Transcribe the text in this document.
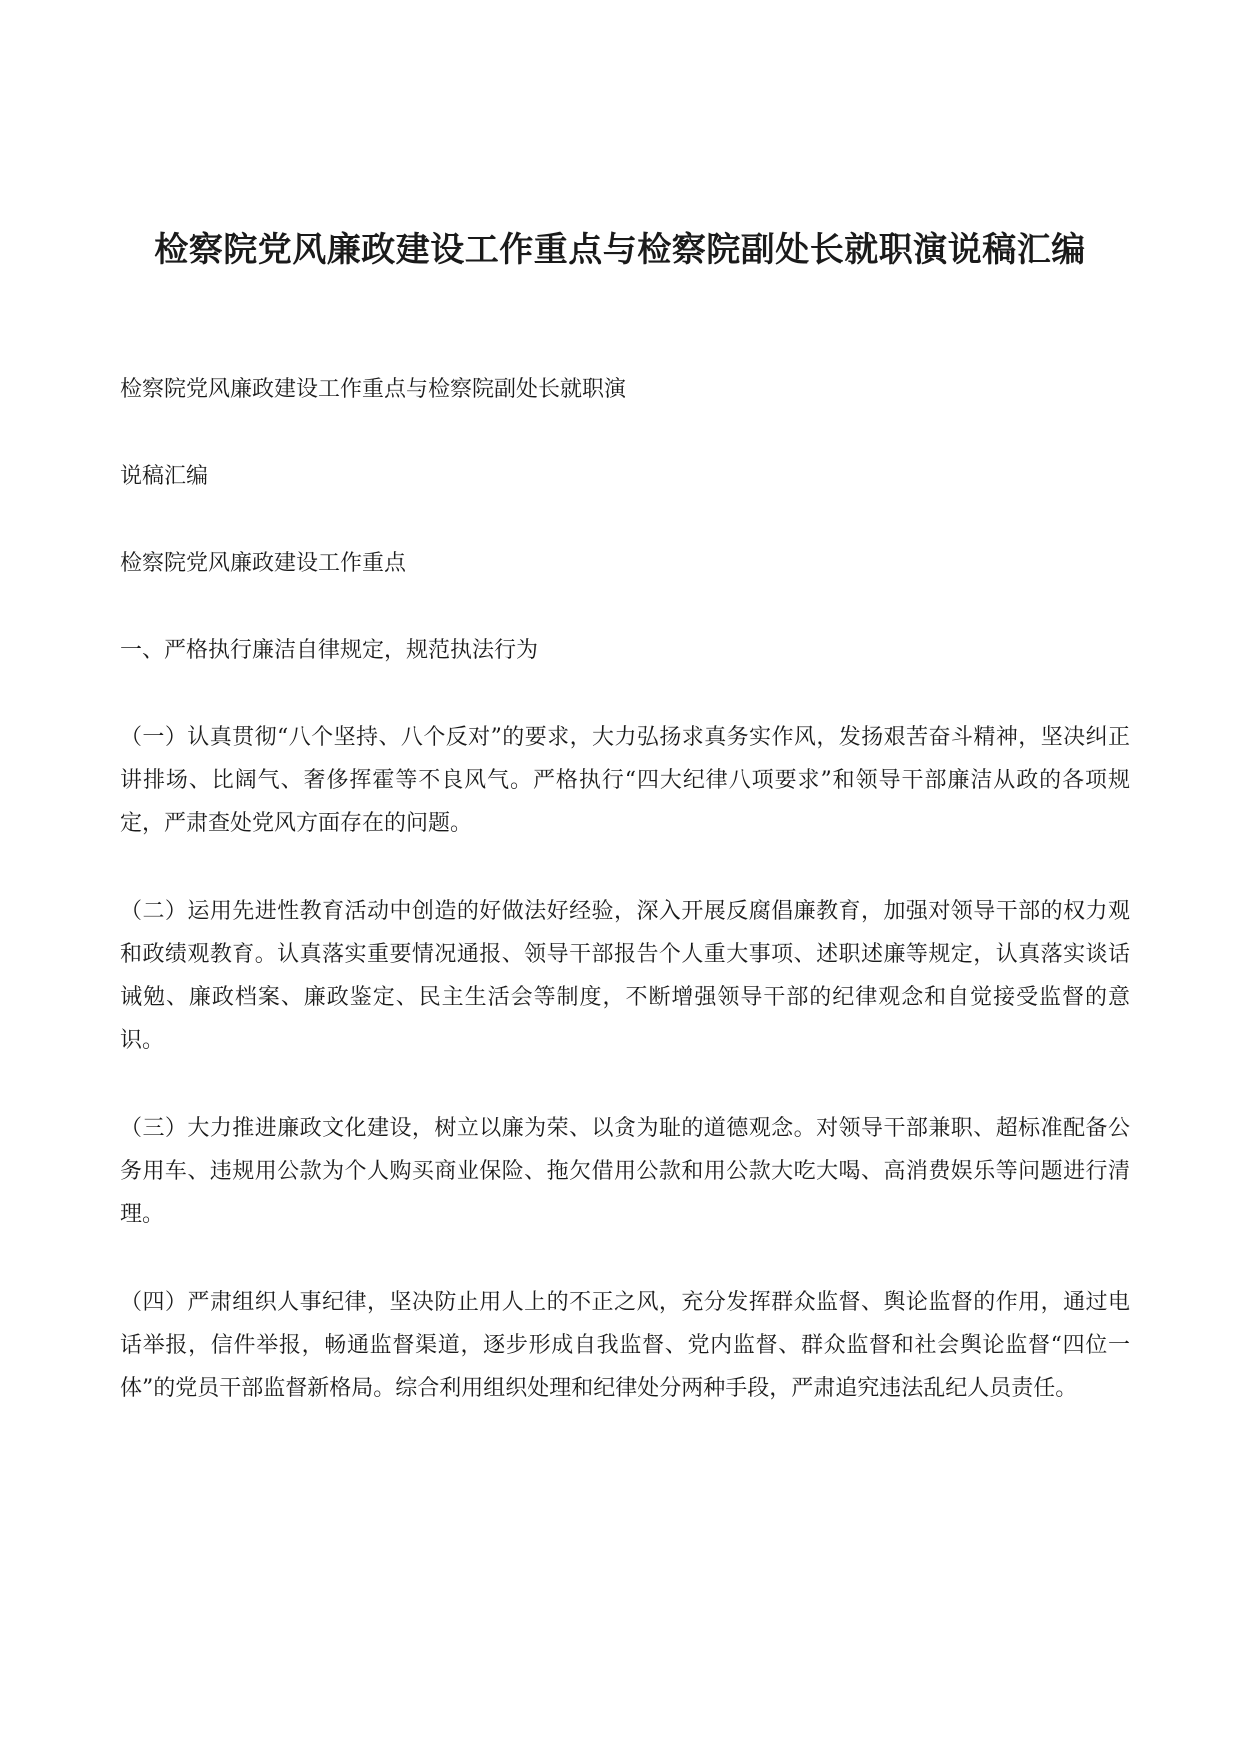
检察院党风廉政建设工作重点与检察院副处长就职演说稿汇编

检察院党风廉政建设工作重点与检察院副处长就职演

说稿汇编

检察院党风廉政建设工作重点

一、严格执行廉洁自律规定，规范执法行为

（一）认真贯彻“八个坚持、八个反对”的要求，大力弘扬求真务实作风，发扬艰苦奋斗精神，坚决纠正讲排场、比阔气、奢侈挥霍等不良风气。严格执行“四大纪律八项要求”和领导干部廉洁从政的各项规定，严肃查处党风方面存在的问题。

（二）运用先进性教育活动中创造的好做法好经验，深入开展反腐倡廉教育，加强对领导干部的权力观和政绩观教育。认真落实重要情况通报、领导干部报告个人重大事项、述职述廉等规定，认真落实谈话诫勉、廉政档案、廉政鉴定、民主生活会等制度，不断增强领导干部的纪律观念和自觉接受监督的意识。

（三）大力推进廉政文化建设，树立以廉为荣、以贪为耻的道德观念。对领导干部兼职、超标准配备公务用车、违规用公款为个人购买商业保险、拖欠借用公款和用公款大吃大喝、高消费娱乐等问题进行清理。

（四）严肃组织人事纪律，坚决防止用人上的不正之风，充分发挥群众监督、舆论监督的作用，通过电话举报，信件举报，畅通监督渠道，逐步形成自我监督、党内监督、群众监督和社会舆论监督“四位一体”的党员干部监督新格局。综合利用组织处理和纪律处分两种手段，严肃追究违法乱纪人员责任。
